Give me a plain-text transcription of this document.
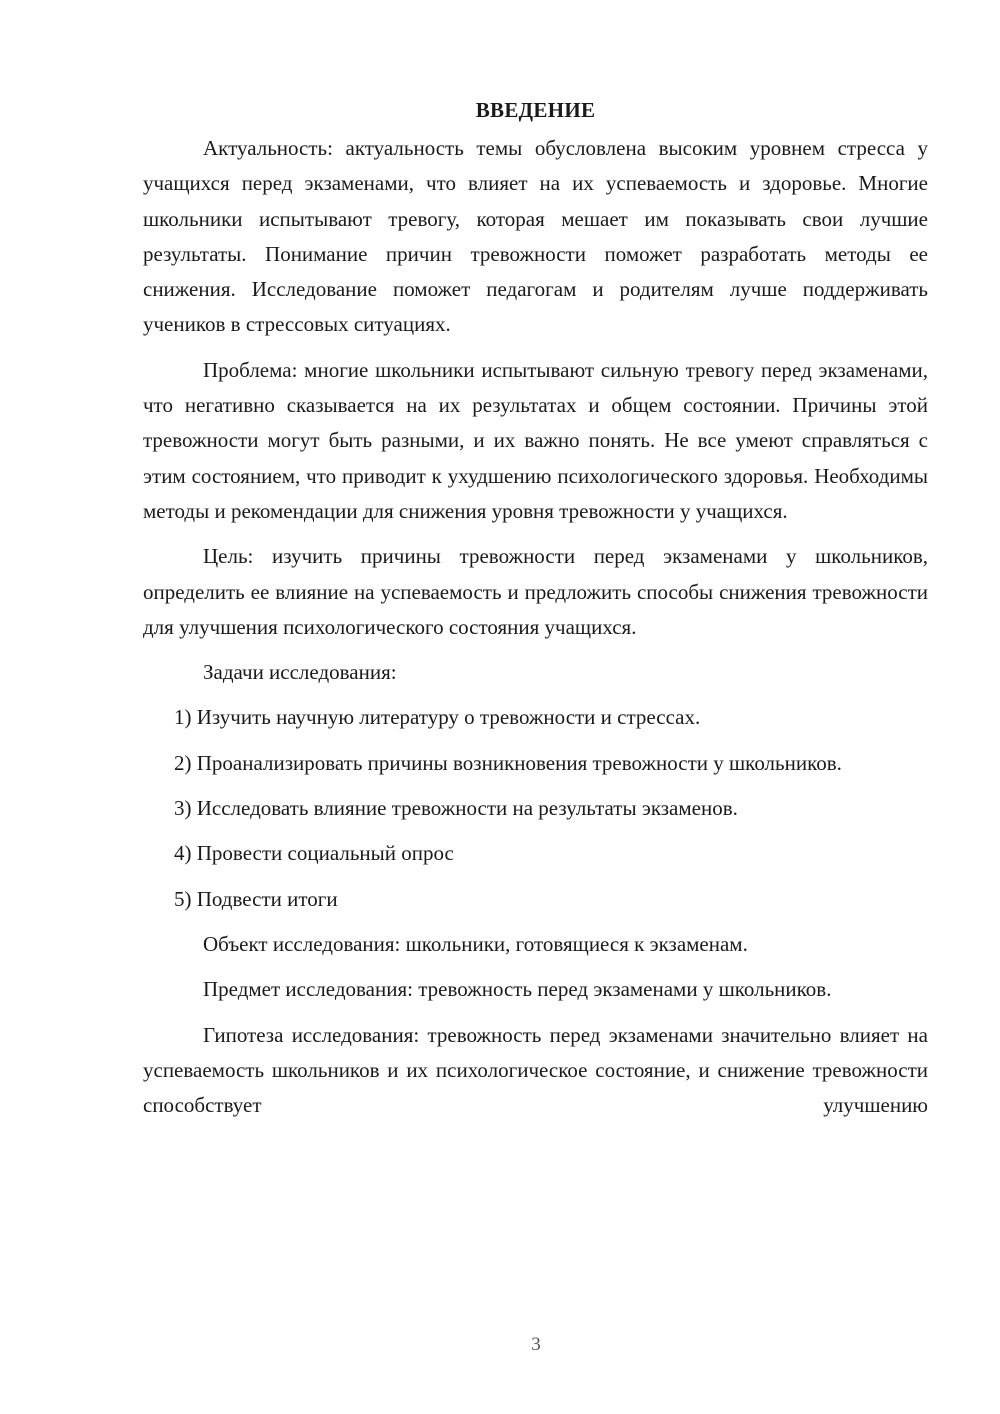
ВВЕДЕНИЕ

Актуальность: актуальность темы обусловлена высоким уровнем стресса у учащихся перед экзаменами, что влияет на их успеваемость и здоровье. Многие школьники испытывают тревогу, которая мешает им показывать свои лучшие результаты. Понимание причин тревожности поможет разработать методы ее снижения. Исследование поможет педагогам и родителям лучше поддерживать учеников в стрессовых ситуациях.

Проблема: многие школьники испытывают сильную тревогу перед экзаменами, что негативно сказывается на их результатах и общем состоянии. Причины этой тревожности могут быть разными, и их важно понять. Не все умеют справляться с этим состоянием, что приводит к ухудшению психологического здоровья. Необходимы методы и рекомендации для снижения уровня тревожности у учащихся.

Цель: изучить причины тревожности перед экзаменами у школьников, определить ее влияние на успеваемость и предложить способы снижения тревожности для улучшения психологического состояния учащихся.

Задачи исследования:

1) Изучить научную литературу о тревожности и стрессах.

2) Проанализировать причины возникновения тревожности у школьников.

3) Исследовать влияние тревожности на результаты экзаменов.

4) Провести социальный опрос

5) Подвести итоги

Объект исследования: школьники, готовящиеся к экзаменам.

Предмет исследования: тревожность перед экзаменами у школьников.

Гипотеза исследования: тревожность перед экзаменами значительно влияет на успеваемость школьников и их психологическое состояние, и снижение тревожности способствует улучшению

3
